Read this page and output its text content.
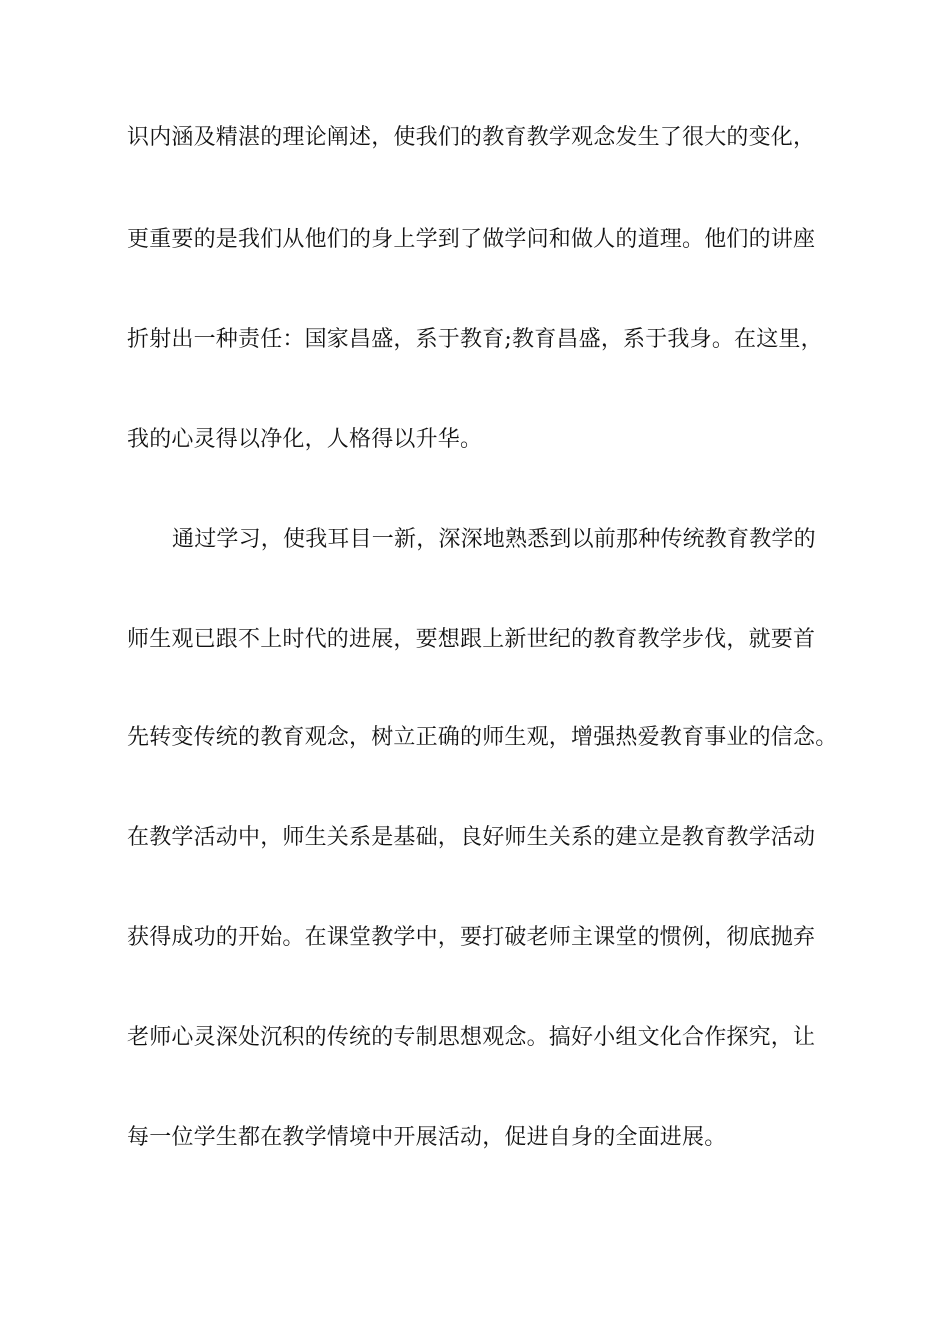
识内涵及精湛的理论阐述，使我们的教育教学观念发生了很大的变化，
更重要的是我们从他们的身上学到了做学问和做人的道理。他们的讲座
折射出一种责任：国家昌盛，系于教育;教育昌盛，系于我身。在这里，
我的心灵得以净化，人格得以升华。
通过学习，使我耳目一新，深深地熟悉到以前那种传统教育教学的
师生观已跟不上时代的进展，要想跟上新世纪的教育教学步伐，就要首
先转变传统的教育观念，树立正确的师生观，增强热爱教育事业的信念。
在教学活动中，师生关系是基础，良好师生关系的建立是教育教学活动
获得成功的开始。在课堂教学中，要打破老师主课堂的惯例，彻底抛弃
老师心灵深处沉积的传统的专制思想观念。搞好小组文化合作探究，让
每一位学生都在教学情境中开展活动，促进自身的全面进展。
